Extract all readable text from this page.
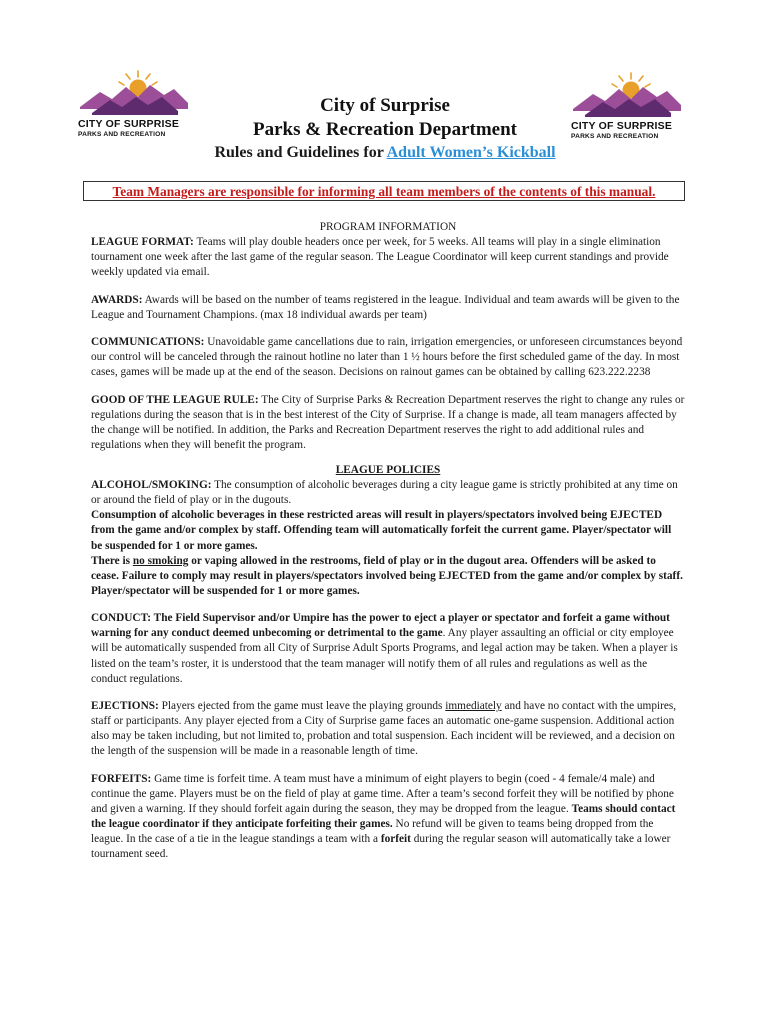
CITY OF SURPRISE
PARKS AND RECREATION
CITY OF SURPRISE
PARKS AND RECREATION
City of Surprise
Parks & Recreation Department
Rules and Guidelines for Adult Women’s Kickball
Team Managers are responsible for informing all team members of the contents of this manual.

PROGRAM INFORMATION

LEAGUE FORMAT: Teams will play double headers once per week, for 5 weeks. All teams will play in a single elimination tournament one week after the last game of the regular season. The League Coordinator will keep current standings and provide weekly updated via email.

AWARDS: Awards will be based on the number of teams registered in the league. Individual and team awards will be given to the League and Tournament Champions. (max 18 individual awards per team)

COMMUNICATIONS: Unavoidable game cancellations due to rain, irrigation emergencies, or unforeseen circumstances beyond our control will be canceled through the rainout hotline no later than 1 ½ hours before the first scheduled game of the day. In most cases, games will be made up at the end of the season. Decisions on rainout games can be obtained by calling 623.222.2238

GOOD OF THE LEAGUE RULE: The City of Surprise Parks & Recreation Department reserves the right to change any rules or regulations during the season that is in the best interest of the City of Surprise. If a change is made, all team managers affected by the change will be notified. In addition, the Parks and Recreation Department reserves the right to add additional rules and regulations when they will benefit the program.

LEAGUE POLICIES

ALCOHOL/SMOKING: The consumption of alcoholic beverages during a city league game is strictly prohibited at any time on or around the field of play or in the dugouts.

Consumption of alcoholic beverages in these restricted areas will result in players/spectators involved being EJECTED from the game and/or complex by staff. Offending team will automatically forfeit the current game. Player/spectator will be suspended for 1 or more games.

There is no smoking or vaping allowed in the restrooms, field of play or in the dugout area. Offenders will be asked to cease. Failure to comply may result in players/spectators involved being EJECTED from the game and/or complex by staff. Player/spectator will be suspended for 1 or more games.

CONDUCT: The Field Supervisor and/or Umpire has the power to eject a player or spectator and forfeit a game without warning for any conduct deemed unbecoming or detrimental to the game. Any player assaulting an official or city employee will be automatically suspended from all City of Surprise Adult Sports Programs, and legal action may be taken. When a player is listed on the team’s roster, it is understood that the team manager will notify them of all rules and regulations as well as the conduct regulations.

EJECTIONS: Players ejected from the game must leave the playing grounds immediately and have no contact with the umpires, staff or participants. Any player ejected from a City of Surprise game faces an automatic one-game suspension. Additional action also may be taken including, but not limited to, probation and total suspension. Each incident will be reviewed, and a decision on the length of the suspension will be made in a reasonable length of time.

FORFEITS: Game time is forfeit time. A team must have a minimum of eight players to begin (coed - 4 female/4 male) and continue the game. Players must be on the field of play at game time. After a team’s second forfeit they will be notified by phone and given a warning. If they should forfeit again during the season, they may be dropped from the league. Teams should contact the league coordinator if they anticipate forfeiting their games. No refund will be given to teams being dropped from the league. In the case of a tie in the league standings a team with a forfeit during the regular season will automatically take a lower tournament seed.
